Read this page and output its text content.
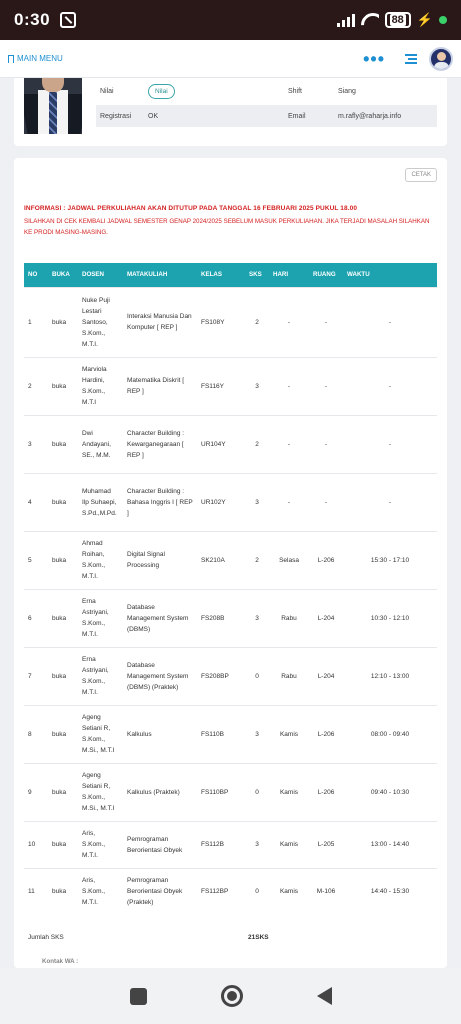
0:30	88 ⚡
Nilai	Nilai	Shift	Siang
Registrasi OK	Email	m.rafly@raharja.info
MAIN MENU	•••
CETAK
INFORMASI : JADWAL PERKULIAHAN AKAN DITUTUP PADA TANGGAL 16 FEBRUARI 2025 PUKUL 18.00
SILAHKAN DI CEK KEMBALI JADWAL SEMESTER GENAP 2024/2025 SEBELUM MASUK PERKULIAHAN. JIKA TERJADI MASALAH SILAHKAN KE PRODI MASING-MASING.
NO	BUKA	DOSEN	MATAKULIAH	KELAS	SKS	HARI	RUANG	WAKTU
1	buka	Nuke Puji Lestari Santoso, S.Kom., M.T.I.	Interaksi Manusia Dan Komputer [ REP ]	FS108Y	2	-	-	-
2	buka	Marviola Hardini, S.Kom., M.T.I	Matematika Diskrit [ REP ]	FS116Y	3	-	-	-
3	buka	Dwi Andayani, SE., M.M.	Character Building : Kewarganegaraan [ REP ]	UR104Y	2	-	-	-
4	buka	Muhamad Ilp Suhaepi, S.Pd.,M.Pd.	Character Building : Bahasa Inggris I [ REP ]	UR102Y	3	-	-	-
5	buka	Ahmad Roihan, S.Kom., M.T.I.	Digital Signal Processing	SK210A	2	Selasa	L-206	15:30 - 17:10
6	buka	Erna Astriyani, S.Kom., M.T.I.	Database Management System (DBMS)	FS208B	3	Rabu	L-204	10:30 - 12:10
7	buka	Erna Astriyani, S.Kom., M.T.I.	Database Management System (DBMS) (Praktek)	FS208BP	0	Rabu	L-204	12:10 - 13:00
8	buka	Ageng Setiani R, S.Kom., M.Si., M.T.I	Kalkulus	FS110B	3	Kamis	L-206	08:00 - 09:40
9	buka	Ageng Setiani R, S.Kom., M.Si., M.T.I	Kalkulus (Praktek)	FS110BP	0	Kamis	L-206	09:40 - 10:30
10	buka	Aris, S.Kom., M.T.I.	Pemrograman Berorientasi Obyek	FS112B	3	Kamis	L-205	13:00 - 14:40
11	buka	Aris, S.Kom., M.T.I.	Pemrograman Berorientasi Obyek (Praktek)	FS112BP	0	Kamis	M-106	14:40 - 15:30
Jumlah SKS	21SKS
Kontak WA :
